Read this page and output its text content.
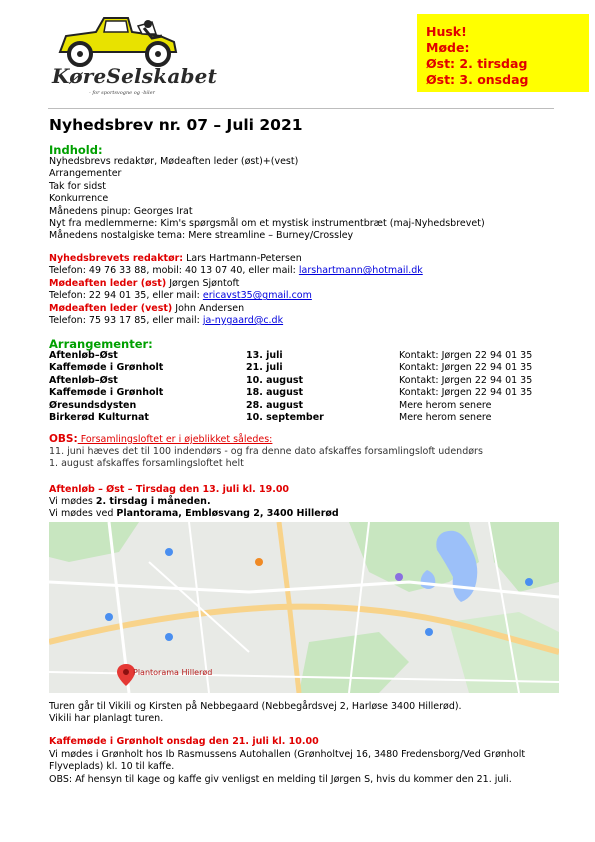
KøreSelskabet
- for sportsvogne og -biler
Husk!
Møde:
Øst: 2. tirsdag
Øst: 3. onsdag
Nyhedsbrev nr. 07 – Juli 2021
Indhold:
Nyhedsbrevs redaktør, Mødeaften leder (øst)+(vest)
Arrangementer
Tak for sidst
Konkurrence
Månedens pinup: Georges Irat
Nyt fra medlemmerne: Kim's spørgsmål om et mystisk instrumentbræt (maj-Nyhedsbrevet)
Månedens nostalgiske tema: Mere streamline – Burney/Crossley
Nyhedsbrevets redaktør: Lars Hartmann-Petersen
Telefon: 49 76 33 88, mobil: 40 13 07 40, eller mail: larshartmann@hotmail.dk
Mødeaften leder (øst) Jørgen Sjøntoft
Telefon: 22 94 01 35, eller mail: ericavst35@gmail.com
Mødeaften leder (vest) John Andersen
Telefon: 75 93 17 85, eller mail: ja-nygaard@c.dk
Arrangementer:
Aftenløb–Øst	13. juli	Kontakt: Jørgen 22 94 01 35
Kaffemøde i Grønholt	21. juli	Kontakt: Jørgen 22 94 01 35
Aftenløb–Øst	10. august	Kontakt: Jørgen 22 94 01 35
Kaffemøde i Grønholt	18. august	Kontakt: Jørgen 22 94 01 35
Øresundsdysten	28. august	Mere herom senere
Birkerød Kulturnat	10. september	Mere herom senere
OBS: Forsamlingsloftet er i øjeblikket således:
11. juni hæves det til 100 indendørs - og fra denne dato afskaffes forsamlingsloft udendørs
1. august afskaffes forsamlingsloftet helt
Aftenløb – Øst – Tirsdag den 13. juli kl. 19.00
Vi mødes 2. tirsdag i måneden.
Vi mødes ved Plantorama, Embløsvang 2, 3400 Hillerød
Plantorama Hillerød
Turen går til Vikili og Kirsten på Nebbegaard (Nebbegårdsvej 2, Harløse 3400 Hillerød).
Vikili har planlagt turen.
Kaffemøde i Grønholt onsdag den 21. juli kl. 10.00
Vi mødes i Grønholt hos Ib Rasmussens Autohallen (Grønholtvej 16, 3480 Fredensborg/Ved Grønholt
Flyveplads) kl. 10 til kaffe.
OBS: Af hensyn til kage og kaffe giv venligst en melding til Jørgen S, hvis du kommer den 21. juli.
